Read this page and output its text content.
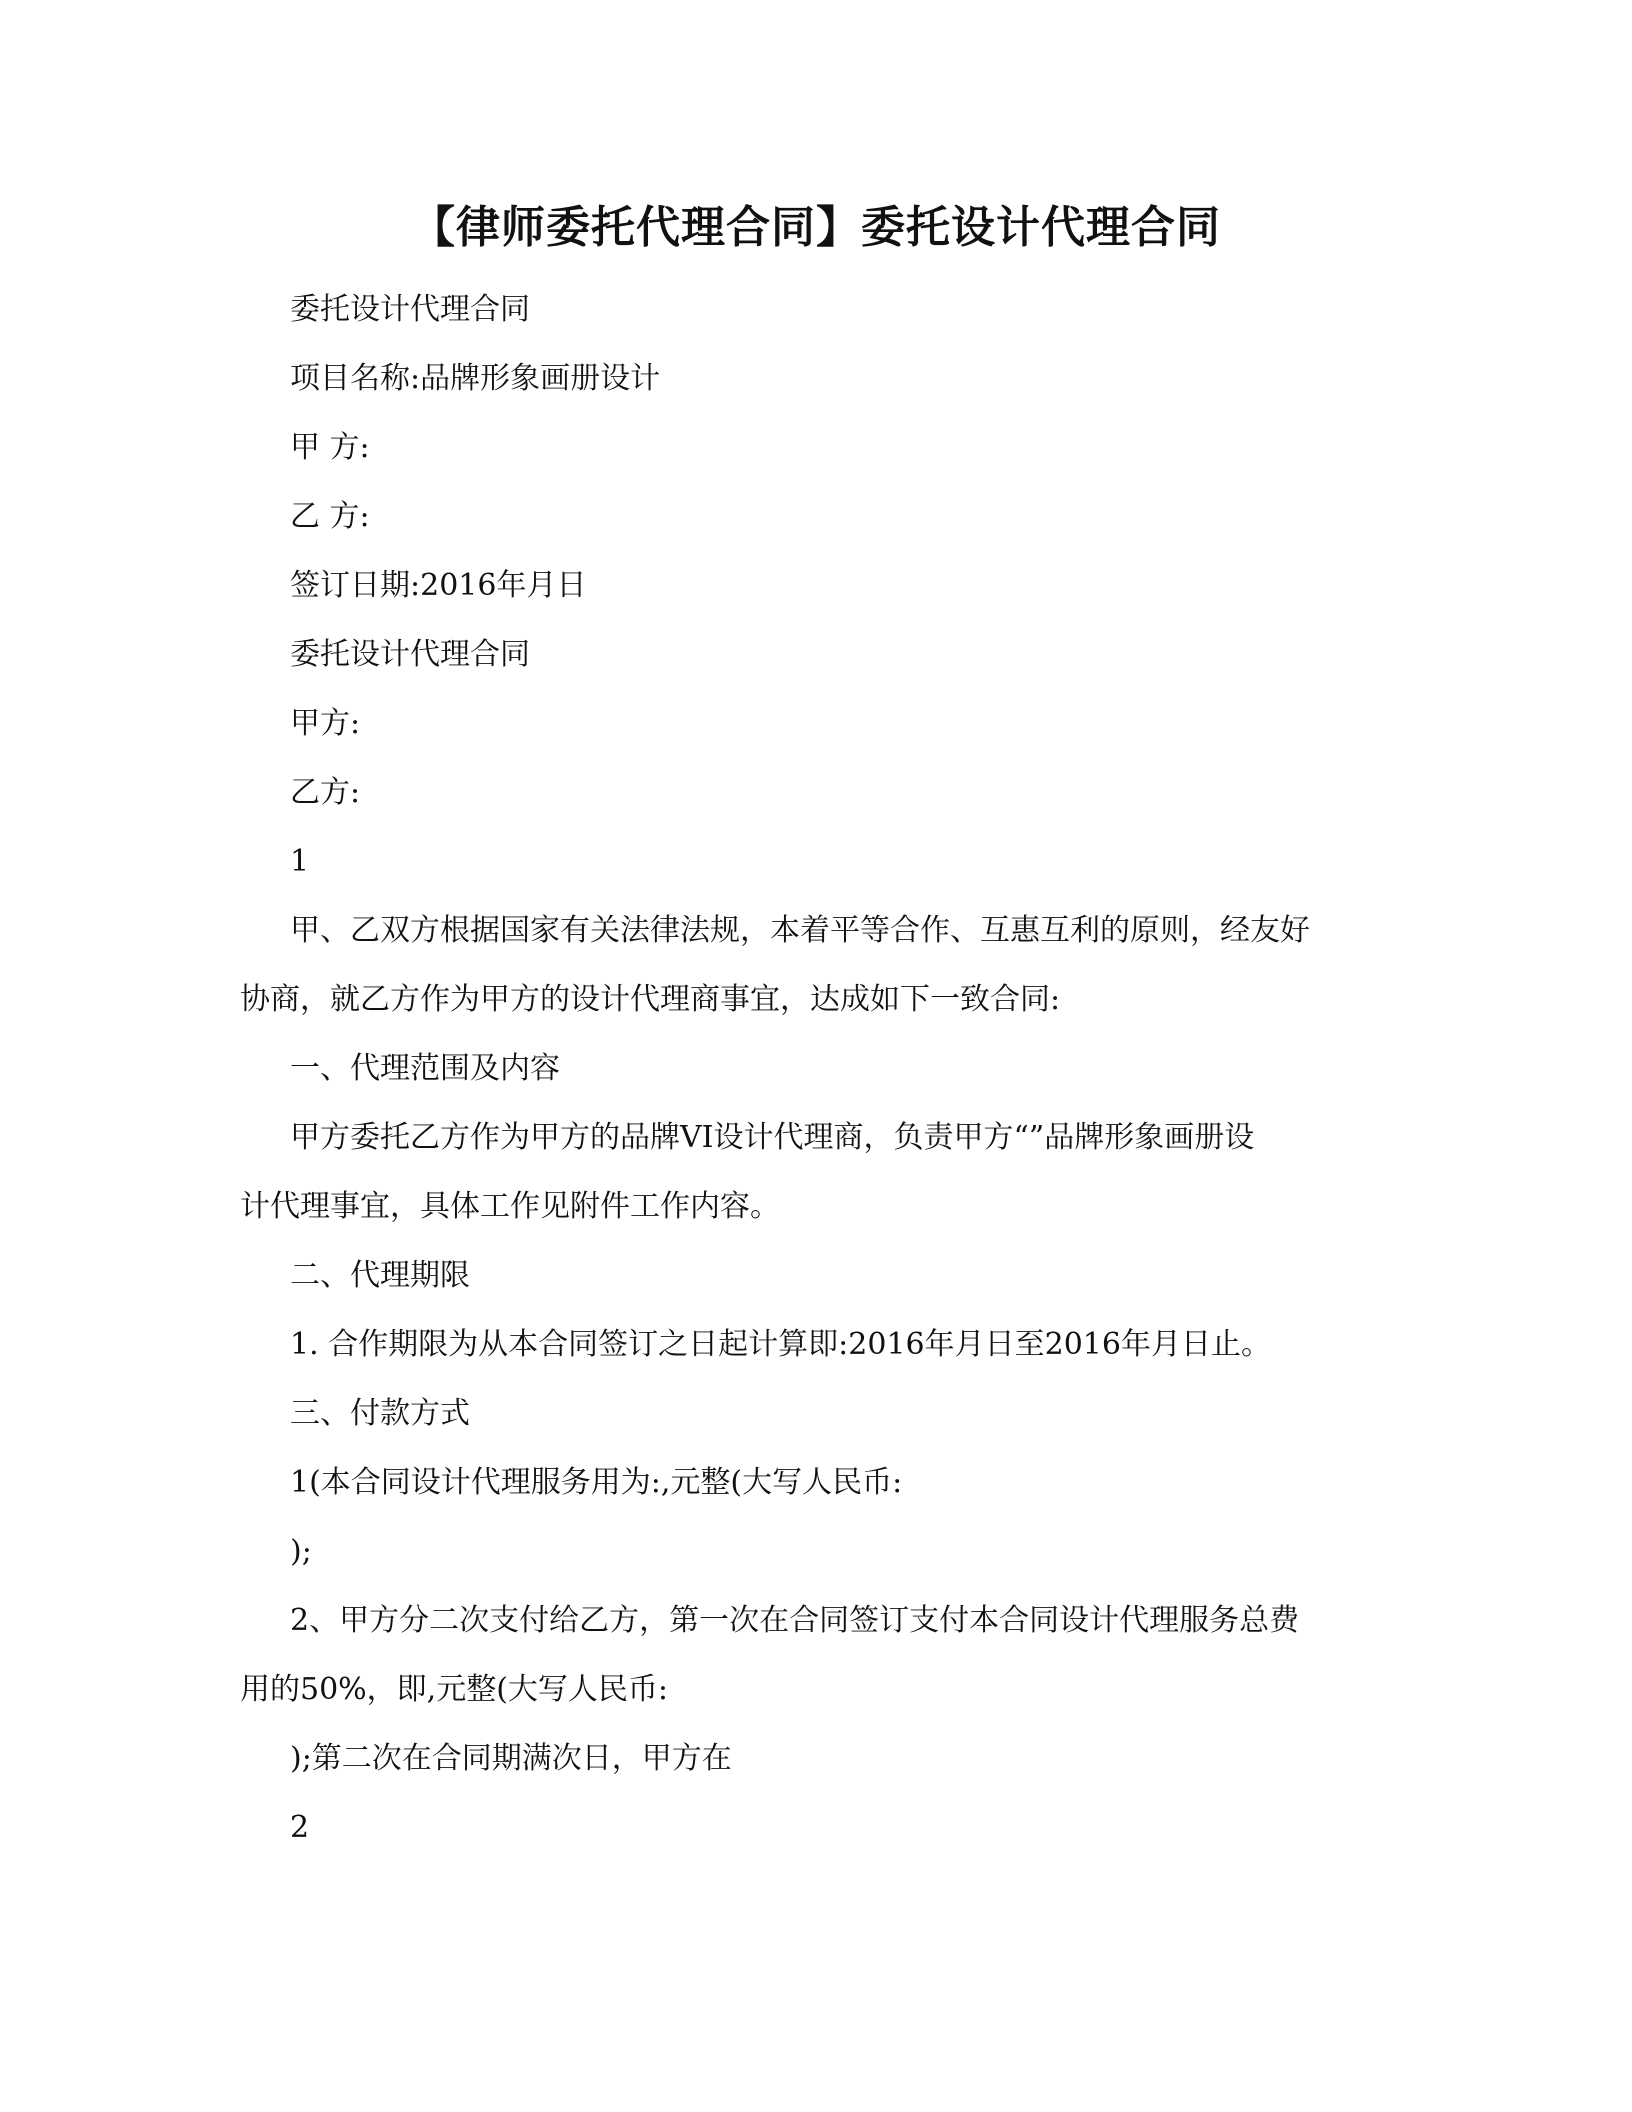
【律师委托代理合同】委托设计代理合同
委托设计代理合同
项目名称:品牌形象画册设计
甲 方:
乙 方:
签订日期:2016年月日
委托设计代理合同
甲方:
乙方:
1
甲、乙双方根据国家有关法律法规，本着平等合作、互惠互利的原则，经友好
协商，就乙方作为甲方的设计代理商事宜，达成如下一致合同:
一、代理范围及内容
甲方委托乙方作为甲方的品牌VI设计代理商，负责甲方“”品牌形象画册设
计代理事宜，具体工作见附件工作内容。
二、代理期限
1. 合作期限为从本合同签订之日起计算即:2016年月日至2016年月日止。
三、付款方式
1(本合同设计代理服务用为:,元整(大写人民币:
);
2、甲方分二次支付给乙方，第一次在合同签订支付本合同设计代理服务总费
用的50%，即,元整(大写人民币:
);第二次在合同期满次日，甲方在
2
